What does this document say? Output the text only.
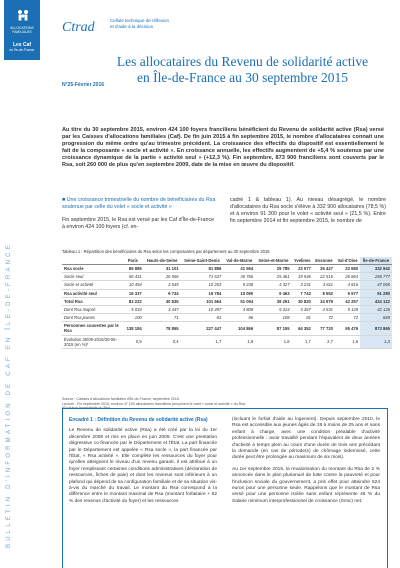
ALLOCATIONS
FAMILIALES
Les Caf
en Île-de-France
BULLETIN D'INFORMATION DE CAF EN ÎLE-DE-FRANCE
Ctrad	Cellule technique de réflexion
et d'aide à la décision
N°25-Février 2016
Les allocataires du Revenu de solidarité active en Île-de-France au 30 septembre 2015
Au titre du 30 septembre 2015, environ 424 100 foyers franciliens bénéficient du Revenu de solidarité active (Rsa) versé par les Caisses d'allocations familiales (Caf). De fin juin 2015 à fin septembre 2015, le nombre d'allocataires connait une progression du même ordre qu'au trimestre précédent. La croissance des effectifs du dispositif est essentiellement le fait de la composante « socle et activité ». En croissance annuelle, les effectifs augmentent de +5,4 % soutenus par une croissance dynamique de la partie « activité seul » (+12,3 %). Fin septembre, 873 900 franciliens sont couverts par le Rsa, soit 260 000 de plus qu'en septembre 2009, date de la mise en œuvre du dispositif.
■ Une croissance trimestrielle du nombre de bénéficiaires du Rsa soutenue par celle du volet « socle et activité »
Fin septembre 2015, le Rsa est versé par les Caf d'Île-de-France à environ 424 100 foyers (cf. en-
cadré 1 & tableau 1). Au niveau désagrégé, le nombre d'allocataires du Rsa socle s'élève à 332 900 allocataires (78,5 %) et à environ 91 300 pour le volet « activité seul » (21,5 %). Entre fin septembre 2014 et fin septembre 2015, le nombre de
Tableau 1 : Répartition des bénéficiaires du Rsa selon les composantes par département au 30 septembre 2015
	Paris	Hauts-de-Seine	Seine-Saint-Denis	Val-de-Marne	Seine-et-Marne	Yvelines	Essonne	Val-d'Oise	Île-de-France
Rsa socle	86 885	31 101	81 886	41 594	29 785	23 077	26 427	32 680	332 942
Socle seul	56 431	26 556	71 637	35 766	25 461	19 546	22 516	26 864	285 777
Socle et activité	10 454	3 545	10 263	5 238	4 327	3 231	3 811	4 816	47 065
Rsa activité seul	16 337	9 734	19 784	10 090	9 463	7 743	8 552	9 577	91 280
Total Rsa	83 222	40 835	101 664	51 094	39 251	30 820	34 979	42 257	424 122
Dont Rsa majoré	5 034	3 447	10 497	4 808	5 314	3 367	4 531	5 128	42 126
Dont Rsa jeunes	100	71	81	86	108	81	72	72	669
Personnes couvertes par le Rsa	138 184	78 865	227 447	104 866	87 155	64 352	77 720	95 476	873 865
Évolution 30/09-2015/30-06-2015 (en %)*	0,5	0,4	1,7	1,9	1,8	1,7	2,7	1,6	1,3
Source : Caisses d'allocations familiales d'Île-de-France, septembre 2015.
Lecture : Fin septembre 2015, environ 47 100 allocataires franciliens perçoivent le volet « socle et activité » du Rsa.
Encadré 1 : Définition du Revenu de solidarité active (Rsa)

Le Revenu de solidarité active (Rsa) a été créé par la loi du 1er décembre 2008 et mis en place en juin 2009. C'est une prestation dégressive co-financée par le Département et l'État. La part financée par le Département est appelée « Rsa socle », la part financée par l'État, « Rsa activité ». Elle complète les ressources du foyer pour qu'elles atteignent le niveau d'un revenu garanti. Il est attribué à un foyer remplissant certaines conditions administratives (déclaration de ressources, fiches de paie) et dont les revenus sont inférieurs à un plafond qui dépend de sa configuration familiale et de sa situation vis-à-vis du marché du travail. Le montant du Rsa correspond à la différence entre le montant maximal de Rsa (montant forfaitaire + 62 % des revenus d'activité du foyer) et les ressources

(incluant le forfait d'aide au logement). Depuis septembre 2010, le Rsa est accessible aux jeunes âgés de 18 à moins de 25 ans et sans enfant à charge, avec une condition préalable d'activité professionnelle : avoir travaillé pendant l'équivalent de deux années d'activité à temps plein au cours d'une durée de trois ans précédant la demande (en cas de période(s) de chômage indemnisé, cette durée peut être prolongée au maximum de six mois).

Au 1er septembre 2015, la revalorisation du montant du Rsa de 2 % annoncée dans le plan plurianuel de lutte contre la pauvreté et pour l'inclusion sociale du gouvernement, a pris effet pour atteindre 524 euros pour une personne seule. Rappelons que le montant de Rsa versé pour une personne isolée sans enfant représente 46 % du Salaire minimum interprofessionnel de croissance (Smic) net.
